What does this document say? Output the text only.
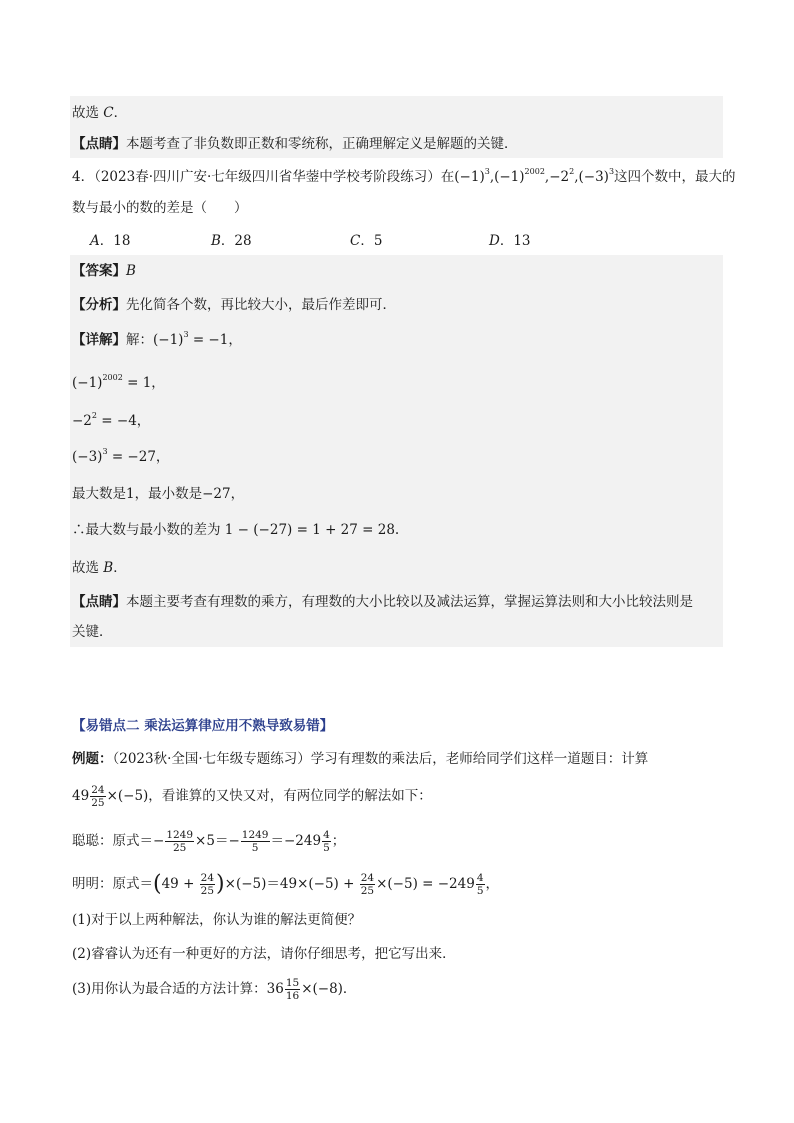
故选 C．
【点睛】本题考查了非负数即正数和零统称，正确理解定义是解题的关键．
4．（2023春·四川广安·七年级四川省华蓥中学校考阶段练习）在$(-1)^3,(-1)^{2002},-2^2,(-3)^3$这四个数中，最大的
数与最小的数的差是（　　）
A．18	B．28	C．5	D．13
【答案】B
【分析】先化简各个数，再比较大小，最后作差即可．
【详解】解：$(-1)^3 = -1$，
$(-1)^{2002} = 1$，
$-2^2 = -4$，
$(-3)^3 = -27$，
最大数是1，最小数是−27，
∴最大数与最小数的差为 1 − (−27) = 1 + 27 = 28.
故选 B．
【点睛】本题主要考查有理数的乘方，有理数的大小比较以及减法运算，掌握运算法则和大小比较法则是
关键．
【易错点二 乘法运算律应用不熟导致易错】
例题：（2023秋·全国·七年级专题练习）学习有理数的乘法后，老师给同学们这样一道题目：计算
$49 \frac{24}{25} \times(-5)$，看谁算的又快又对，有两位同学的解法如下：
聪聪：原式＝− $\frac{1249}{25} \times 5=- \frac{1249}{5} =-249 \frac{4}{5}$ ；
明明：原式$=(49 + \frac{24}{25} )\times(-5)=49\times(-5) + \frac{24}{25} \times(-5) = -249 \frac{4}{5}$ ，
(1)对于以上两种解法，你认为谁的解法更简便？
(2)睿睿认为还有一种更好的方法，请你仔细思考，把它写出来．
(3)用你认为最合适的方法计算：$36 \frac{15}{16} \times(-8)$．
